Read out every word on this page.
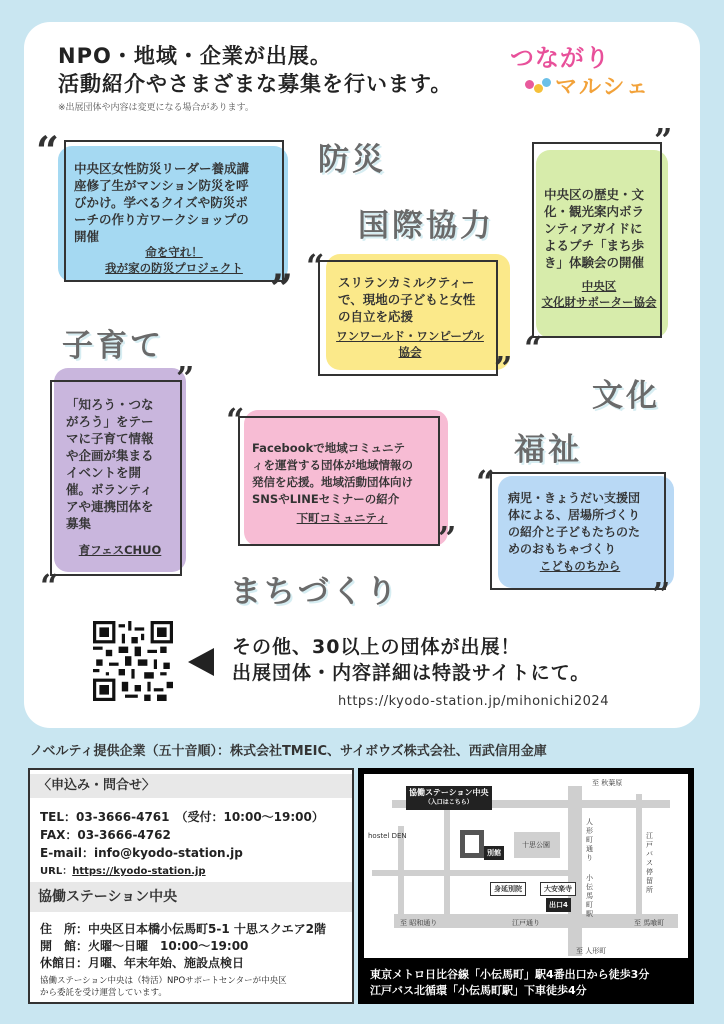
NPO・地域・企業が出展。
活動紹介やさまざまな募集を行います。
※出展団体や内容は変更になる場合があります。
つながり
マルシェ
防災
国際協力
文化
子育て
福祉
まちづくり
“
”
中央区女性防災リーダー養成講
座修了生がマンション防災を呼
びかけ。学べるクイズや防災ポ
ーチの作り方ワークショップの
開催
命を守れ！
我が家の防災プロジェクト	“
”
スリランカミルクティー
で、現地の子どもと女性
の自立を応援
ワンワールド・ワンピープル
協会
”
“
中央区の歴史・文
化・観光案内ボラ
ンティアガイドに
よるプチ「まち歩
き」体験会の開催
中央区
文化財サポーター協会
”
“
「知ろう・つな
がろう」をテー
マに子育て情報
や企画が集まる
イベントを開
催。ボランティ
アや連携団体を
募集
育フェスCHUO
“
”
Facebookで地域コミュニテ
ィを運営する団体が地域情報の
発信を応援。地域活動団体向け
SNSやLINEセミナーの紹介
下町コミュニティ
“
”
病児・きょうだい支援団
体による、居場所づくり
の紹介と子どもたちのた
めのおもちゃづくり
こどものちから
その他、30以上の団体が出展！
出展団体・内容詳細は特設サイトにて。
https://kyodo-station.jp/mihonichi2024
ノベルティ提供企業（五十音順）：株式会社TMEIC、サイボウズ株式会社、西武信用金庫
〈申込み・問合せ〉
TEL：03-3666-4761　（受付：10:00〜19:00）
FAX：03-3666-4762
E-mail：info@kyodo-station.jp
URL：https://kyodo-station.jp
協働ステーション中央
住　所：中央区日本橋小伝馬町5-1 十思スクエア2階
開　館：火曜〜日曜　10:00〜19:00
休館日：月曜、年末年始、施設点検日
協働ステーション中央は（特活）NPOサポートセンターが中央区
から委託を受け運営しています。
至 秋葉原
協働ステーション中央
（入口はこちら）
hostel DEN
別館
人形町通り
十思公園
江戸バス停留所
身延別院	大安楽寺
出口4
小伝馬町駅
江戸通り
至 昭和通り	至 馬喰町
至 人形町
東京メトロ日比谷線「小伝馬町」駅4番出口から徒歩3分
江戸バス北循環「小伝馬町駅」下車徒歩4分
